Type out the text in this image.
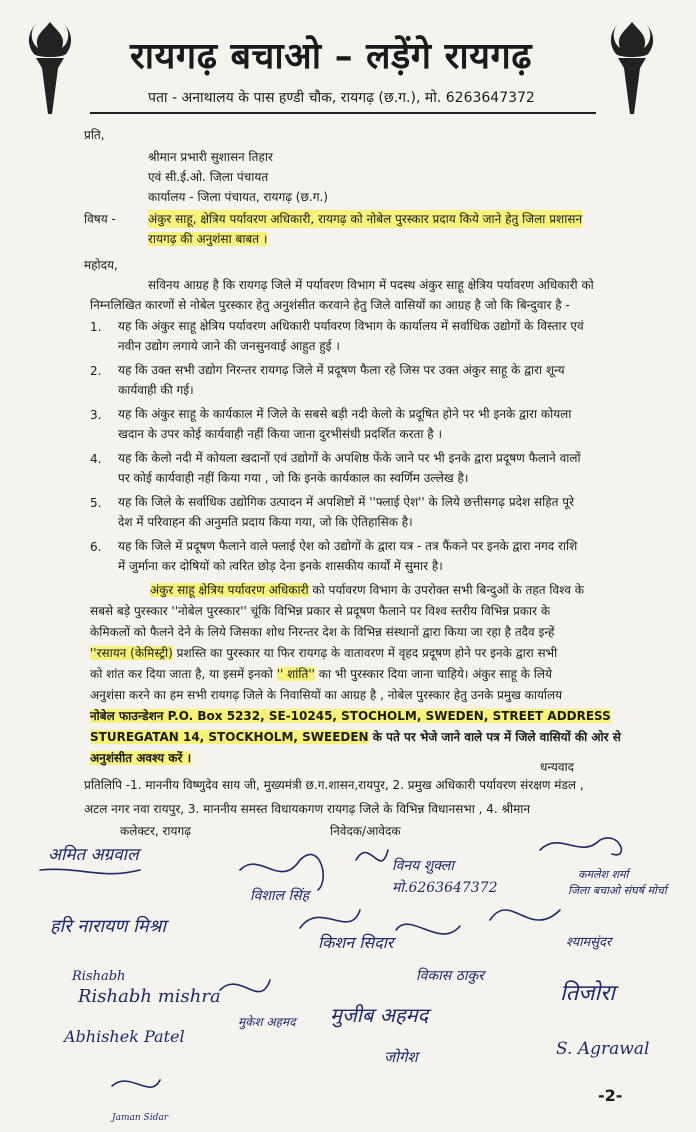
रायगढ़ बचाओ – लड़ेंगे रायगढ़
पता - अनाथालय के पास हण्डी चौक, रायगढ़ (छ.ग.), मो. 6263647372
प्रति,
श्रीमान प्रभारी सुशासन तिहार
एवं सी.ई.ओ. जिला पंचायत
कार्यालय - जिला पंचायत, रायगढ़ (छ.ग.)
विषय -	अंकुर साहू, क्षेत्रिय पर्यावरण अधिकारी, रायगढ़ को नोबेल पुरस्कार प्रदाय किये जाने हेतु जिला प्रशासन
रायगढ़ की अनुशंसा बाबत ।
महोदय,
सविनय आग्रह है कि रायगढ़ जिले में पर्यावरण विभाग में पदस्थ अंकुर साहू क्षेत्रिय पर्यावरण अधिकारी को
निम्नलिखित कारणों से नोबेल पुरस्कार हेतु अनुशंसीत करवाने हेतु जिले वासियों का आग्रह है जो कि बिन्दुवार है -
1. यह कि अंकुर साहू क्षेत्रिय पर्यावरण अधिकारी पर्यावरण विभाग के कार्यालय में सर्वाधिक उद्योगों के विस्तार एवं
नवीन उद्योग लगाये जाने की जनसुनवाई आहुत हुई ।
2. यह कि उक्त सभी उद्योग निरन्तर रायगढ़ जिले में प्रदूषण फैला रहे जिस पर उक्त अंकुर साहू के द्वारा शून्य
कार्यवाही की गई।
3. यह कि अंकुर साहू के कार्यकाल में जिले के सबसे बड़ी नदी केलो के प्रदूषित होने पर भी इनके द्वारा कोयला
खदान के उपर कोई कार्यवाही नहीं किया जाना दुरभीसंधी प्रदर्शित करता है ।
4. यह कि केलो नदी में कोयला खदानों एवं उद्योगों के अपशिष्ठ फेंके जाने पर भी इनके द्वारा प्रदूषण फैलाने वालों
पर कोई कार्यवाही नहीं किया गया , जो कि इनके कार्यकाल का स्वर्णिम उल्लेख है।
5. यह कि जिले के सर्वाधिक उद्योगिक उत्पादन में अपशिष्टों में ''फ्लाई ऐश'' के लिये छत्तीसगढ़ प्रदेश सहित पूरे
देश में परिवाहन की अनुमति प्रदाय किया गया, जो कि ऐतिहासिक है।
6. यह कि जिले में प्रदूषण फैलाने वाले फ्लाई ऐश को उद्योगों के द्वारा यत्र - तत्र फैंकने पर इनके द्वारा नगद राशि
में जुर्माना कर दोषियों को त्वरित छोड़ देना इनके शासकीय कार्यों में सुमार है।
अंकुर साहू क्षेत्रिय पर्यावरण अधिकारी को पर्यावरण विभाग के उपरोक्त सभी बिन्दुओं के तहत विश्व के
सबसे बड़े पुरस्कार ''नोबेल पुरस्कार'' चूंकि विभिन्न प्रकार से प्रदूषण फैलाने पर विश्व स्तरीय विभिन्न प्रकार के
केमिकलों को फैलने देने के लिये जिसका शोध निरन्तर देश के विभिन्न संस्थानों द्वारा किया जा रहा है तदैव इन्हें
''रसायन (केमिस्ट्री) प्रशस्ति का पुरस्कार या फिर रायगढ़ के वातावरण में वृहद प्रदूषण होने पर इनके द्वारा सभी
को शांत कर दिया जाता है, या इसमें इनको '' शांति'' का भी पुरस्कार दिया जाना चाहिये। अंकुर साहू के लिये
अनुशंसा करने का हम सभी रायगढ़ जिले के निवासियों का आग्रह है , नोबेल पुरस्कार हेतु उनके प्रमुख कार्यालय
नोबेल फाउन्डेशन P.O. Box 5232, SE-10245, STOCHOLM, SWEDEN, STREET ADDRESS
STUREGATAN 14, STOCKHOLM, SWEEDEN के पते पर भेजे जाने वाले पत्र में जिले वासियों की ओर से
अनुशंसीत अवश्य करें ।
धन्यवाद
प्रतिलिपि -1. माननीय विष्णुदेव साय जी, मुख्यमंत्री छ.ग.शासन,रायपुर, 2. प्रमुख अधिकारी पर्यावरण संरक्षण मंडल ,
अटल नगर नवा रायपुर, 3. माननीय समस्त विधायकगण रायगढ़ जिले के विभिन्न विधानसभा , 4. श्रीमान
कलेक्टर, रायगढ़	निवेदक/आवेदक
अमित अग्रवाल
हरि नारायण मिश्रा
Rishabh
Rishabh mishra
Abhishek Patel
विशाल सिंह
विनय शुक्ला
मो.6263647372
किशन सिदार
विकास ठाकुर
मुकेश अहमद मुजीब अहमद
जोगेश
कमलेश शर्मा
जिला बचाओ संघर्ष मोर्चा
श्यामसुंदर
तिजोरा
S. Agrawal
Jaman Sidar
-2-
